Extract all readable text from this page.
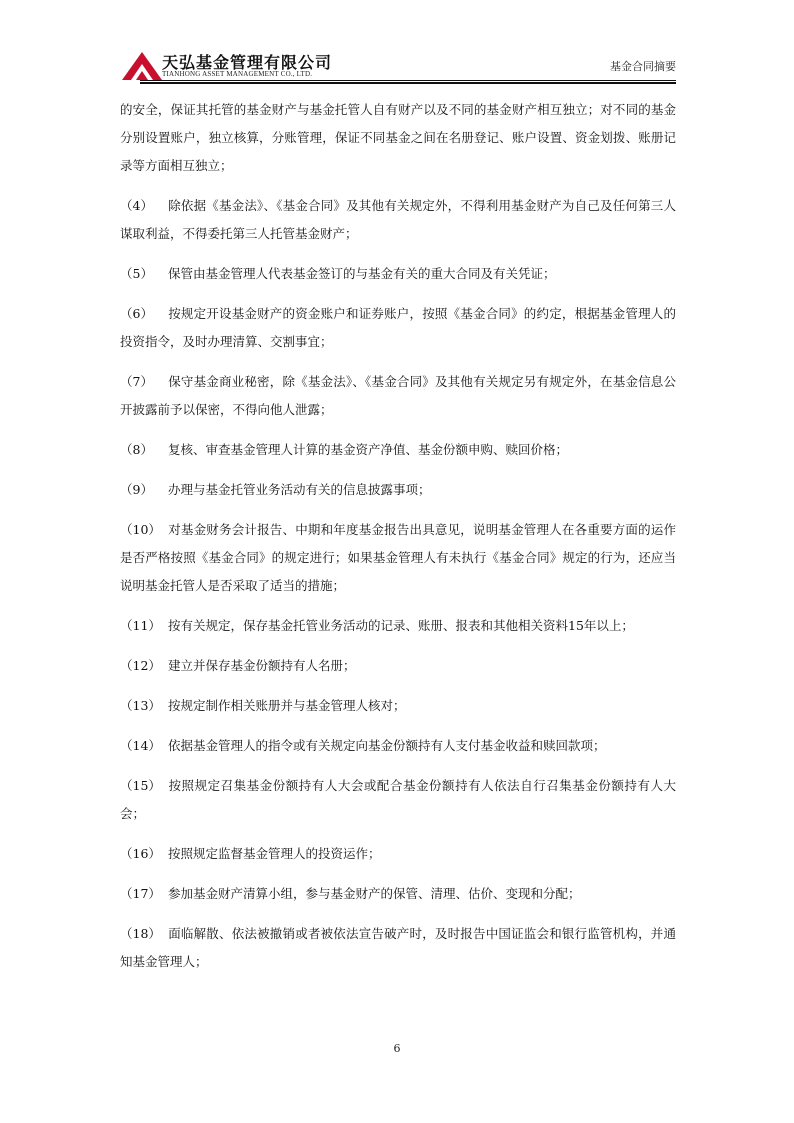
天弘基金管理有限公司
TIANHONG ASSET MANAGEMENT CO., LTD.
基金合同摘要

的安全，保证其托管的基金财产与基金托管人自有财产以及不同的基金财产相互独立；对不同的基金分别设置账户，独立核算，分账管理，保证不同基金之间在名册登记、账户设置、资金划拨、账册记录等方面相互独立；

（4） 除依据《基金法》、《基金合同》及其他有关规定外，不得利用基金财产为自己及任何第三人谋取利益，不得委托第三人托管基金财产；

（5） 保管由基金管理人代表基金签订的与基金有关的重大合同及有关凭证；

（6） 按规定开设基金财产的资金账户和证券账户，按照《基金合同》的约定，根据基金管理人的投资指令，及时办理清算、交割事宜；

（7） 保守基金商业秘密，除《基金法》、《基金合同》及其他有关规定另有规定外，在基金信息公开披露前予以保密，不得向他人泄露；

（8） 复核、审查基金管理人计算的基金资产净值、基金份额申购、赎回价格；

（9） 办理与基金托管业务活动有关的信息披露事项；

（10） 对基金财务会计报告、中期和年度基金报告出具意见，说明基金管理人在各重要方面的运作是否严格按照《基金合同》的规定进行；如果基金管理人有未执行《基金合同》规定的行为，还应当说明基金托管人是否采取了适当的措施；

（11） 按有关规定，保存基金托管业务活动的记录、账册、报表和其他相关资料15年以上；

（12） 建立并保存基金份额持有人名册；

（13） 按规定制作相关账册并与基金管理人核对；

（14） 依据基金管理人的指令或有关规定向基金份额持有人支付基金收益和赎回款项；

（15） 按照规定召集基金份额持有人大会或配合基金份额持有人依法自行召集基金份额持有人大会；

（16） 按照规定监督基金管理人的投资运作；

（17） 参加基金财产清算小组，参与基金财产的保管、清理、估价、变现和分配；

（18） 面临解散、依法被撤销或者被依法宣告破产时，及时报告中国证监会和银行监管机构，并通知基金管理人；

6
